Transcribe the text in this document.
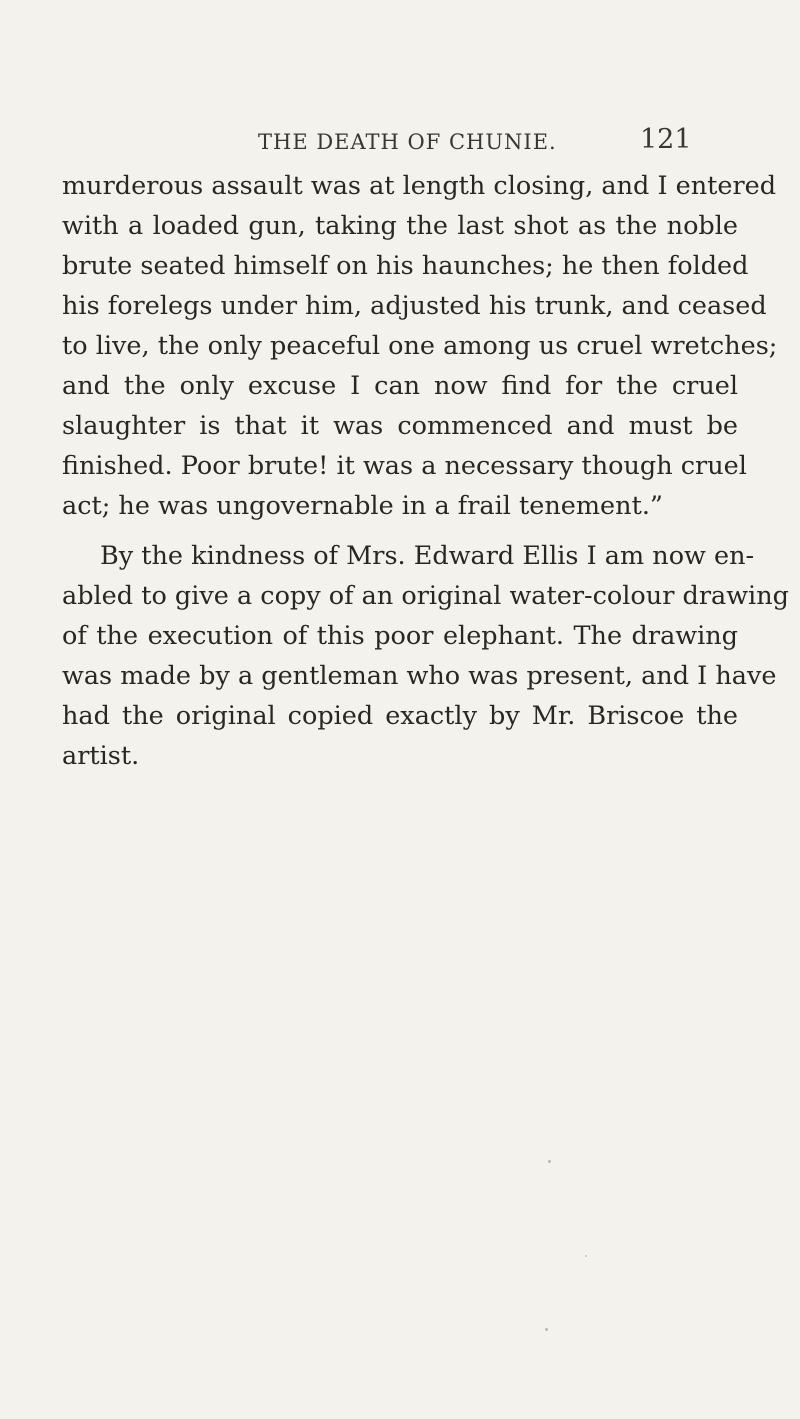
THE DEATH OF CHUNIE.	121
murderous assault was at length closing, and I entered
with a loaded gun, taking the last shot as the noble
brute seated himself on his haunches; he then folded
his forelegs under him, adjusted his trunk, and ceased
to live, the only peaceful one among us cruel wretches;
and the only excuse I can now find for the cruel
slaughter is that it was commenced and must be
finished. Poor brute! it was a necessary though cruel
act; he was ungovernable in a frail tenement.”
By the kindness of Mrs. Edward Ellis I am now en-
abled to give a copy of an original water-colour drawing
of the execution of this poor elephant. The drawing
was made by a gentleman who was present, and I have
had the original copied exactly by Mr. Briscoe the
artist.
